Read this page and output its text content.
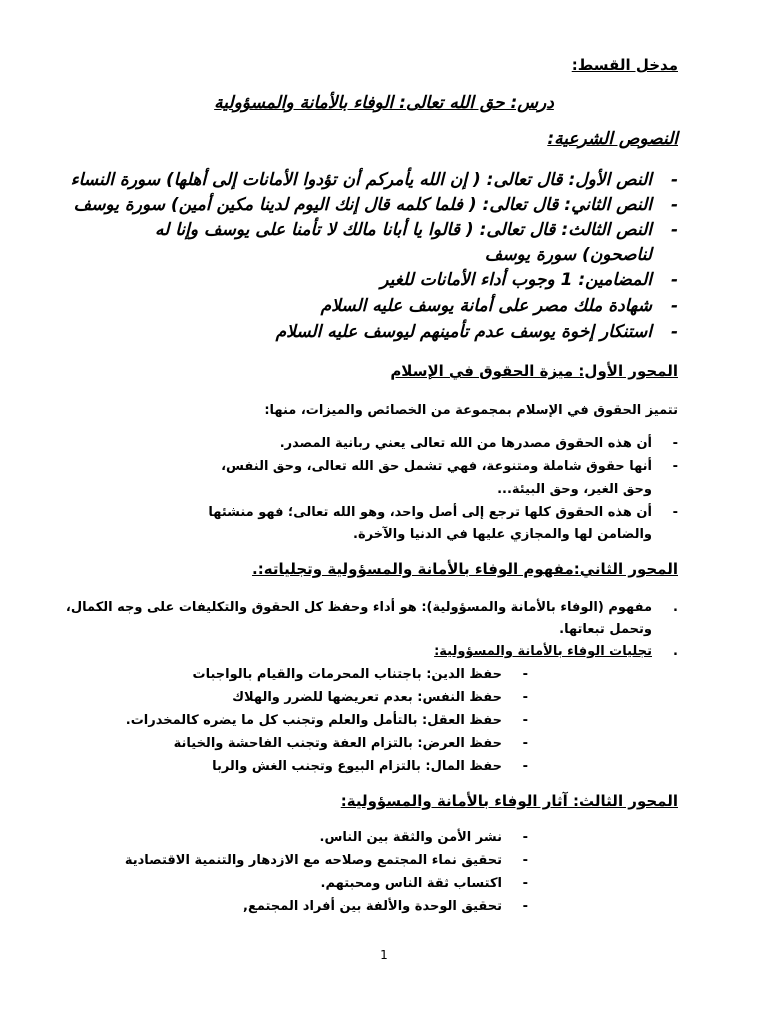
مدخل القسط:
درس: حق الله تعالى: الوفاء بالأمانة والمسؤولية
النصوص الشرعية:
-
النص الأول: قال تعالى: ( إن الله يأمركم أن تؤدوا الأمانات إلى أهلها) سورة النساء
-
النص الثاني: قال تعالى: ( فلما كلمه قال إنك اليوم لدينا مكين أمين) سورة يوسف
-
النص الثالث: قال تعالى: ( قالوا يا أبانا مالك لا تأمنا على يوسف وإنا له
لناصحون) سورة يوسف
-
المضامين: 1 وجوب أداء الأمانات للغير
-
شهادة ملك مصر على أمانة يوسف عليه السلام
-
استنكار إخوة يوسف عدم تأمينهم ليوسف عليه السلام
المحور الأول: ميزة الحقوق في الإسلام
تتميز الحقوق في الإسلام بمجموعة من الخصائص والميزات، منها:
-
أن هذه الحقوق مصدرها من الله تعالى يعني ربانية المصدر.
-
أنها حقوق شاملة ومتنوعة، فهي تشمل حق الله تعالى، وحق النفس،
وحق الغير، وحق البيئة...
-
أن هذه الحقوق كلها ترجع إلى أصل واحد، وهو الله تعالى؛ فهو منشئها
والضامن لها والمجازي عليها في الدنيا والآخرة.
المحور الثاني:مفهوم الوفاء بالأمانة والمسؤولية وتجلياته:.
.
مفهوم (الوفاء بالأمانة والمسؤولية): هو أداء وحفظ كل الحقوق والتكليفات على وجه الكمال،
وتحمل تبعاتها.
.
تجليات الوفاء بالأمانة والمسؤولية:
-
حفظ الدين: باجتناب المحرمات والقيام بالواجبات
-
حفظ النفس: بعدم تعريضها للضرر والهلاك
-
حفظ العقل: بالتأمل والعلم وتجنب كل ما يضره كالمخدرات.
-
حفظ العرض: بالتزام العفة وتجنب الفاحشة والخيانة
-
حفظ المال: بالتزام البيوع وتجنب الغش والربا
المحور الثالث: آثار الوفاء بالأمانة والمسؤولية:
-
نشر الأمن والثقة بين الناس.
-
تحقيق نماء المجتمع وصلاحه مع الازدهار والتنمية الاقتصادية
-
اكتساب ثقة الناس ومحبتهم.
-
تحقيق الوحدة والألفة بين أفراد المجتمع,
1
